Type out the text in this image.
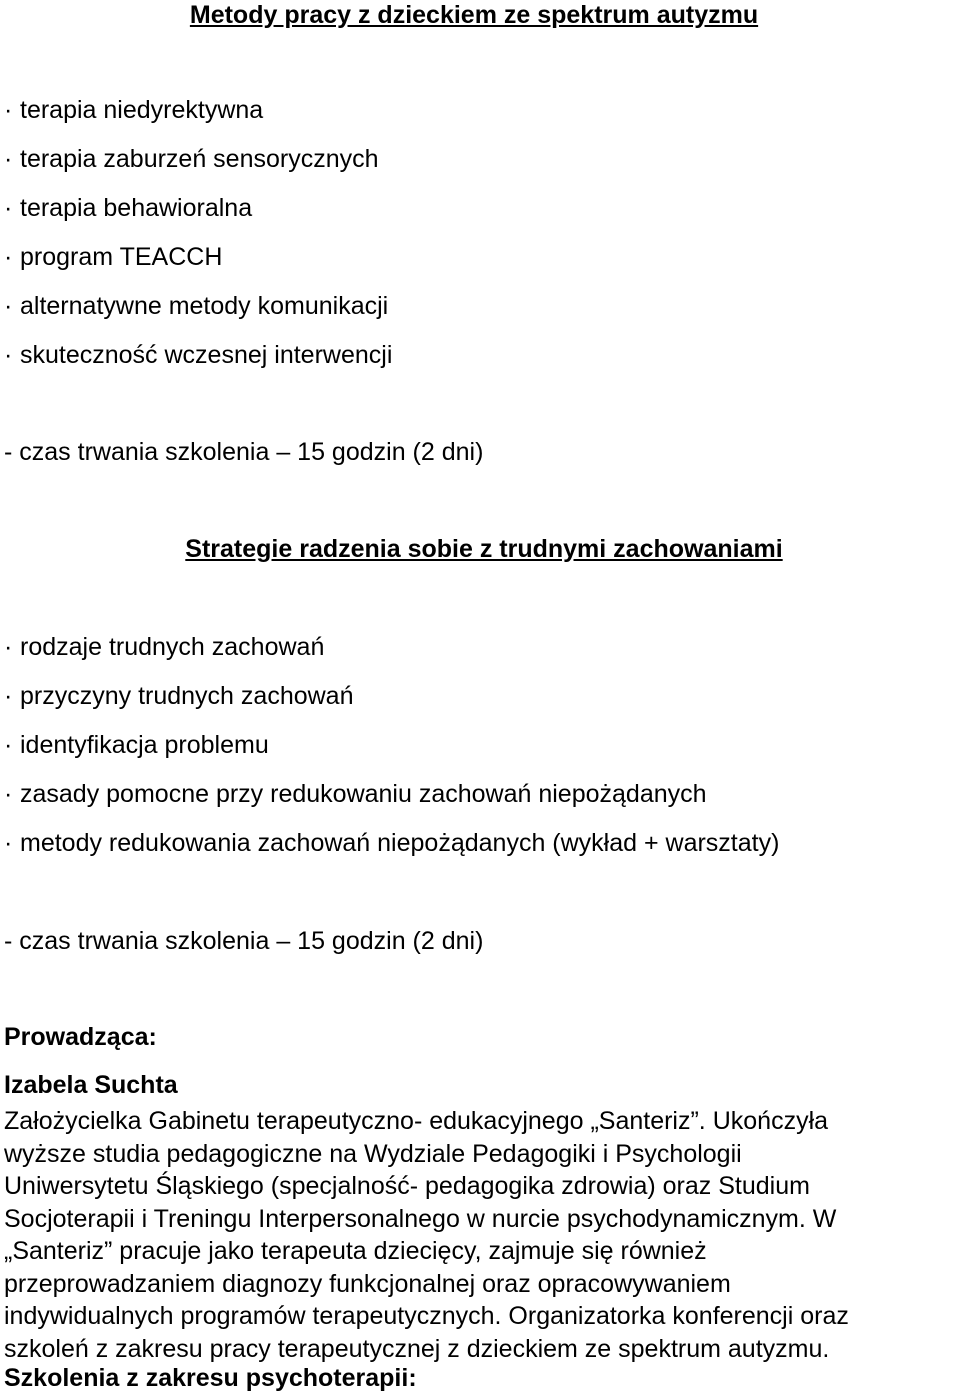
Metody pracy z dzieckiem ze spektrum autyzmu
· terapia niedyrektywna
· terapia zaburzeń sensorycznych
· terapia behawioralna
· program TEACCH
· alternatywne metody komunikacji
· skuteczność wczesnej interwencji

- czas trwania szkolenia – 15 godzin (2 dni)

Strategie radzenia sobie z trudnymi zachowaniami
· rodzaje trudnych zachowań
· przyczyny trudnych zachowań
· identyfikacja problemu
· zasady pomocne przy redukowaniu zachowań niepożądanych
· metody redukowania zachowań niepożądanych (wykład + warsztaty)

- czas trwania szkolenia – 15 godzin (2 dni)

Prowadząca:

Izabela Suchta

Założycielka Gabinetu terapeutyczno- edukacyjnego „Santeriz”. Ukończyła
wyższe studia pedagogiczne na Wydziale Pedagogiki i Psychologii
Uniwersytetu Śląskiego (specjalność- pedagogika zdrowia) oraz Studium
Socjoterapii i Treningu Interpersonalnego w nurcie psychodynamicznym. W
„Santeriz” pracuje jako terapeuta dziecięcy, zajmuje się również
przeprowadzaniem diagnozy funkcjonalnej oraz opracowywaniem
indywidualnych programów terapeutycznych. Organizatorka konferencji oraz
szkoleń z zakresu pracy terapeutycznej z dzieckiem ze spektrum autyzmu.

Szkolenia z zakresu psychoterapii:
